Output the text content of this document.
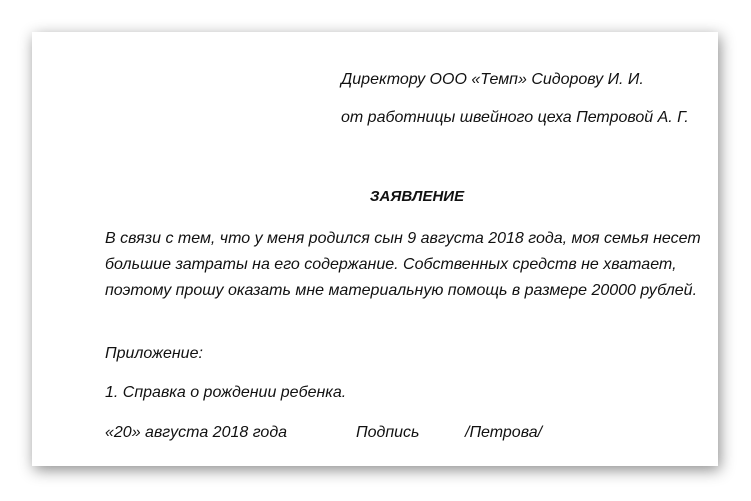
Директору ООО «Темп» Сидорову И. И.
от работницы швейного цеха Петровой А. Г.
ЗАЯВЛЕНИЕ
В связи с тем, что у меня родился сын 9 августа 2018 года, моя семья несет большие затраты на его содержание. Собственных средств не хватает, поэтому прошу оказать мне материальную помощь в размере 20000 рублей.
Приложение:
1. Справка о рождении ребенка.
«20» августа 2018 года	Подпись	/Петрова/
